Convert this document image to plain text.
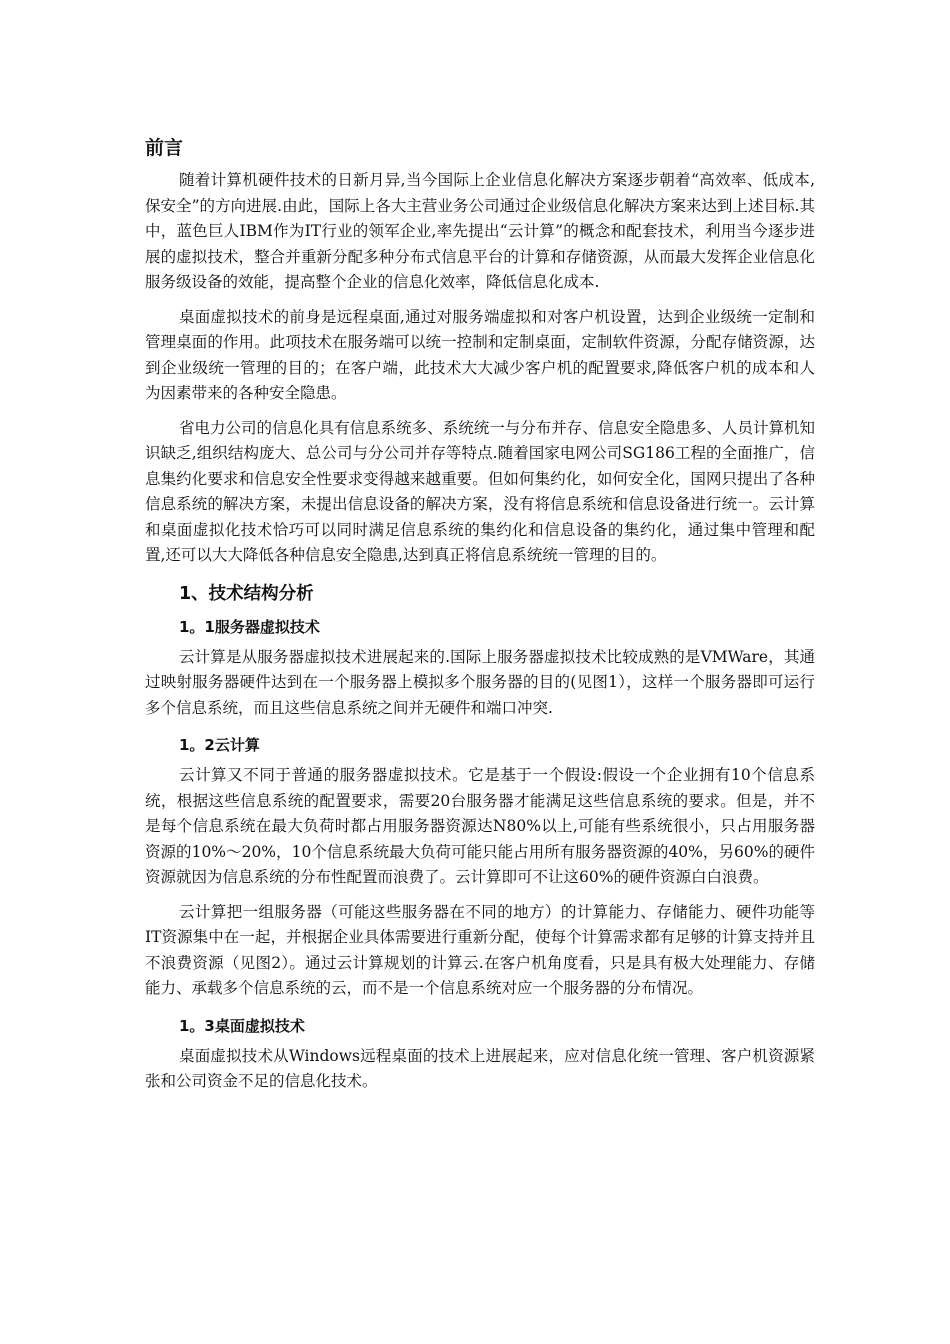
前言

随着计算机硬件技术的日新月异,当今国际上企业信息化解决方案逐步朝着“高效率、低成本,保安全”的方向进展.由此，国际上各大主营业务公司通过企业级信息化解决方案来达到上述目标.其中，蓝色巨人IBM作为IT行业的领军企业,率先提出“云计算”的概念和配套技术，利用当今逐步进展的虚拟技术，整合并重新分配多种分布式信息平台的计算和存储资源，从而最大发挥企业信息化服务级设备的效能，提高整个企业的信息化效率，降低信息化成本.

桌面虚拟技术的前身是远程桌面,通过对服务端虚拟和对客户机设置，达到企业级统一定制和管理桌面的作用。此项技术在服务端可以统一控制和定制桌面，定制软件资源，分配存储资源，达到企业级统一管理的目的；在客户端，此技术大大减少客户机的配置要求,降低客户机的成本和人为因素带来的各种安全隐患。

省电力公司的信息化具有信息系统多、系统统一与分布并存、信息安全隐患多、人员计算机知识缺乏,组织结构庞大、总公司与分公司并存等特点.随着国家电网公司SG186工程的全面推广，信息集约化要求和信息安全性要求变得越来越重要。但如何集约化，如何安全化，国网只提出了各种信息系统的解决方案，未提出信息设备的解决方案，没有将信息系统和信息设备进行统一。云计算和桌面虚拟化技术恰巧可以同时满足信息系统的集约化和信息设备的集约化，通过集中管理和配置,还可以大大降低各种信息安全隐患,达到真正将信息系统统一管理的目的。

1、技术结构分析
1。1服务器虚拟技术

云计算是从服务器虚拟技术进展起来的.国际上服务器虚拟技术比较成熟的是VMWare，其通过映射服务器硬件达到在一个服务器上模拟多个服务器的目的(见图1），这样一个服务器即可运行多个信息系统，而且这些信息系统之间并无硬件和端口冲突.

1。2云计算

云计算又不同于普通的服务器虚拟技术。它是基于一个假设:假设一个企业拥有10个信息系统，根据这些信息系统的配置要求，需要20台服务器才能满足这些信息系统的要求。但是，并不是每个信息系统在最大负荷时都占用服务器资源达N80%以上,可能有些系统很小，只占用服务器资源的10%～20%，10个信息系统最大负荷可能只能占用所有服务器资源的40%，另60%的硬件资源就因为信息系统的分布性配置而浪费了。云计算即可不让这60%的硬件资源白白浪费。

云计算把一组服务器（可能这些服务器在不同的地方）的计算能力、存储能力、硬件功能等IT资源集中在一起，并根据企业具体需要进行重新分配，使每个计算需求都有足够的计算支持并且不浪费资源（见图2）。通过云计算规划的计算云.在客户机角度看，只是具有极大处理能力、存储能力、承载多个信息系统的云，而不是一个信息系统对应一个服务器的分布情况。

1。3桌面虚拟技术

桌面虚拟技术从Windows远程桌面的技术上进展起来，应对信息化统一管理、客户机资源紧张和公司资金不足的信息化技术。
